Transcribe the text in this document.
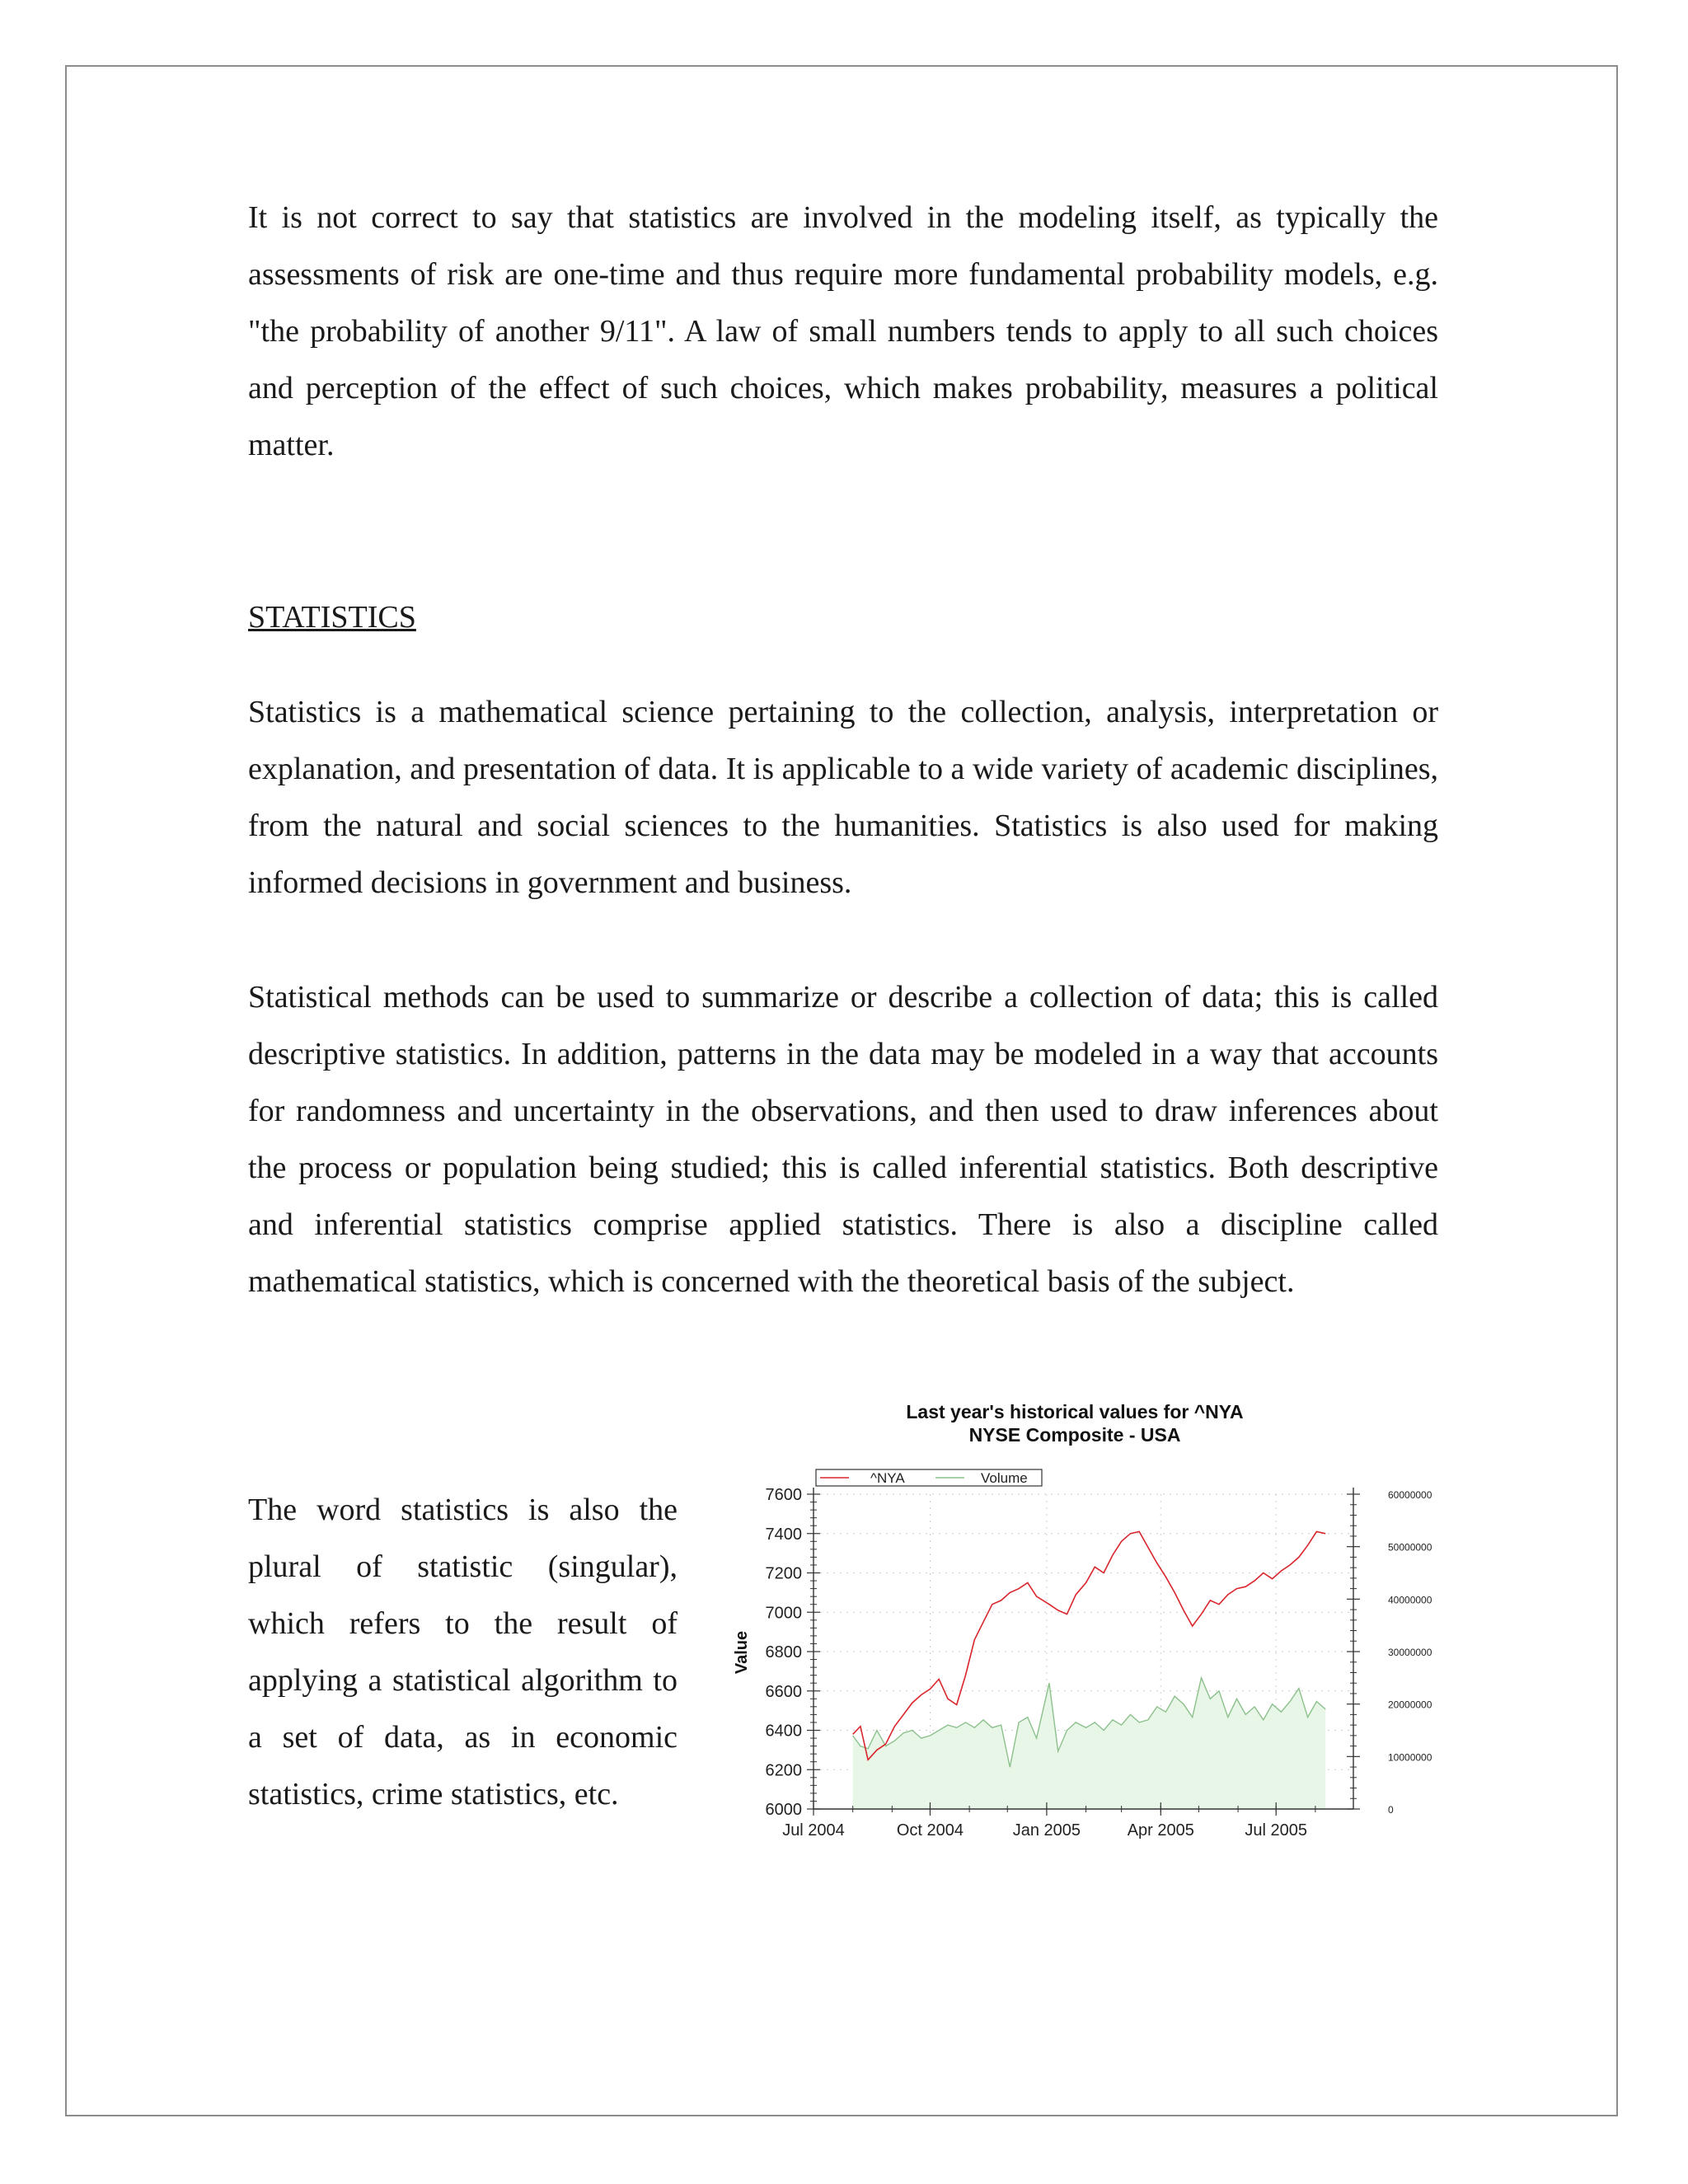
It is not correct to say that statistics are involved in the modeling itself, as typically the assessments of risk are one-time and thus require more fundamental probability models, e.g. "the probability of another 9/11". A law of small numbers tends to apply to all such choices and perception of the effect of such choices, which makes probability, measures a political matter.

STATISTICS

Statistics is a mathematical science pertaining to the collection, analysis, interpretation or explanation, and presentation of data. It is applicable to a wide variety of academic disciplines, from the natural and social sciences to the humanities. Statistics is also used for making informed decisions in government and business.

Statistical methods can be used to summarize or describe a collection of data; this is called descriptive statistics. In addition, patterns in the data may be modeled in a way that accounts for randomness and uncertainty in the observations, and then used to draw inferences about the process or population being studied; this is called inferential statistics. Both descriptive and inferential statistics comprise applied statistics. There is also a discipline called mathematical statistics, which is concerned with the theoretical basis of the subject.

The word statistics is also the plural of statistic (singular), which refers to the result of applying a statistical algorithm to a set of data, as in economic statistics, crime statistics, etc.

Last year's historical values for ^NYA
NYSE Composite - USA
Value
^NYA	Volume
6000
6200
6400
6600
6800
7000
7200
7400
7600
0
10000000
20000000
30000000
40000000
50000000
60000000
Jul 2004	Oct 2004	Jan 2005	Apr 2005	Jul 2005
